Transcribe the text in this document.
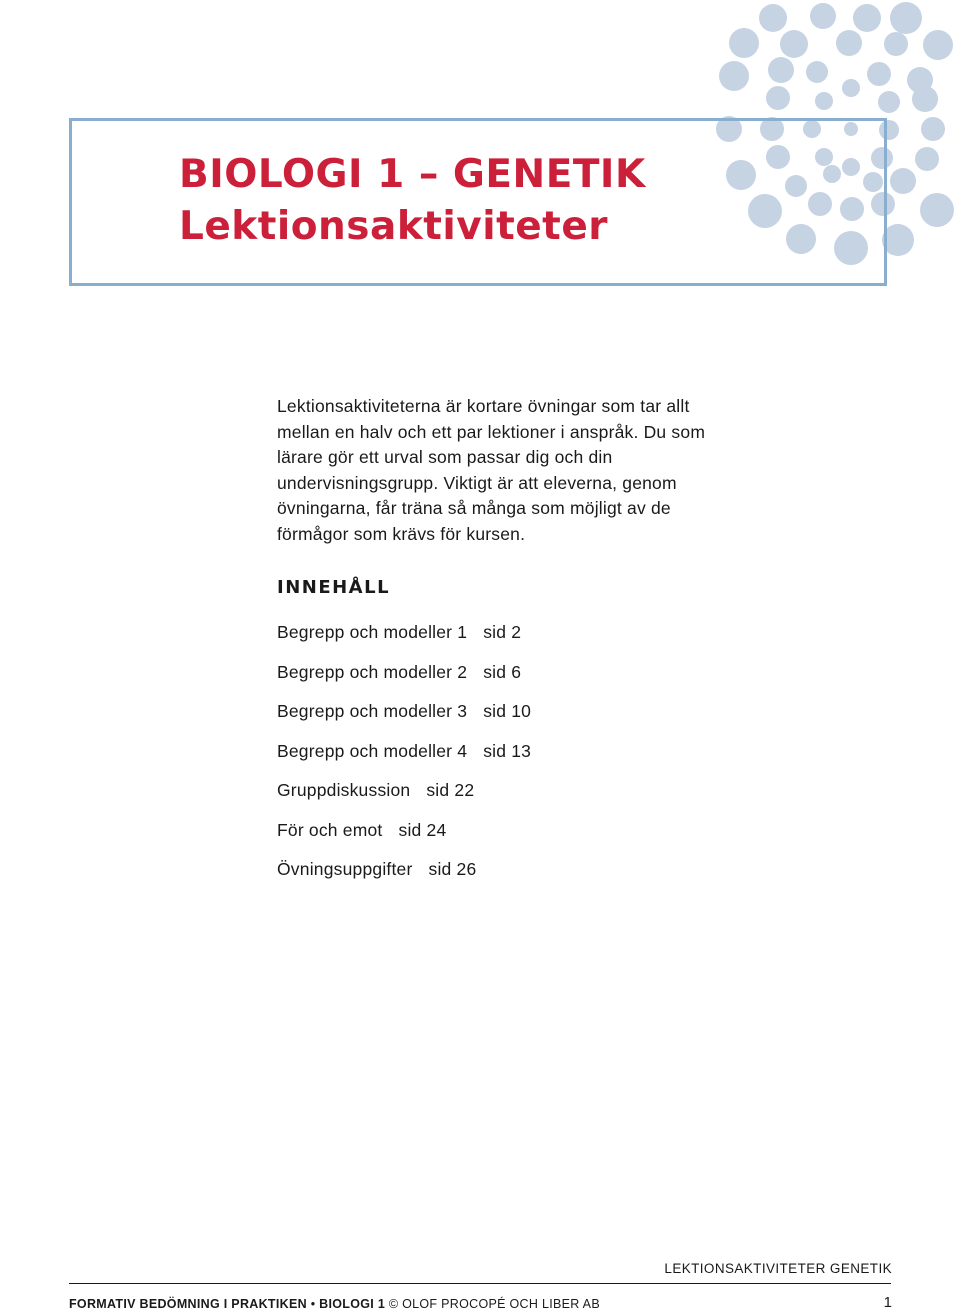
BIOLOGI 1 – GENETIK
Lektionsaktiviteter

Lektionsaktiviteterna är kortare övningar som tar allt mellan en halv och ett par lektioner i anspråk. Du som lärare gör ett urval som passar dig och din undervisningsgrupp. Viktigt är att eleverna, genom övningarna, får träna så många som möjligt av de förmågor som krävs för kursen.

INNEHÅLL
Begrepp och modeller 1 sid 2
Begrepp och modeller 2 sid 6
Begrepp och modeller 3 sid 10
Begrepp och modeller 4 sid 13
Gruppdiskussion sid 22
För och emot sid 24
Övningsuppgifter sid 26

LEKTIONSAKTIVITETER GENETIK

FORMATIV BEDÖMNING I PRAKTIKEN • BIOLOGI 1 © OLOF PROCOPÉ OCH LIBER AB	1
